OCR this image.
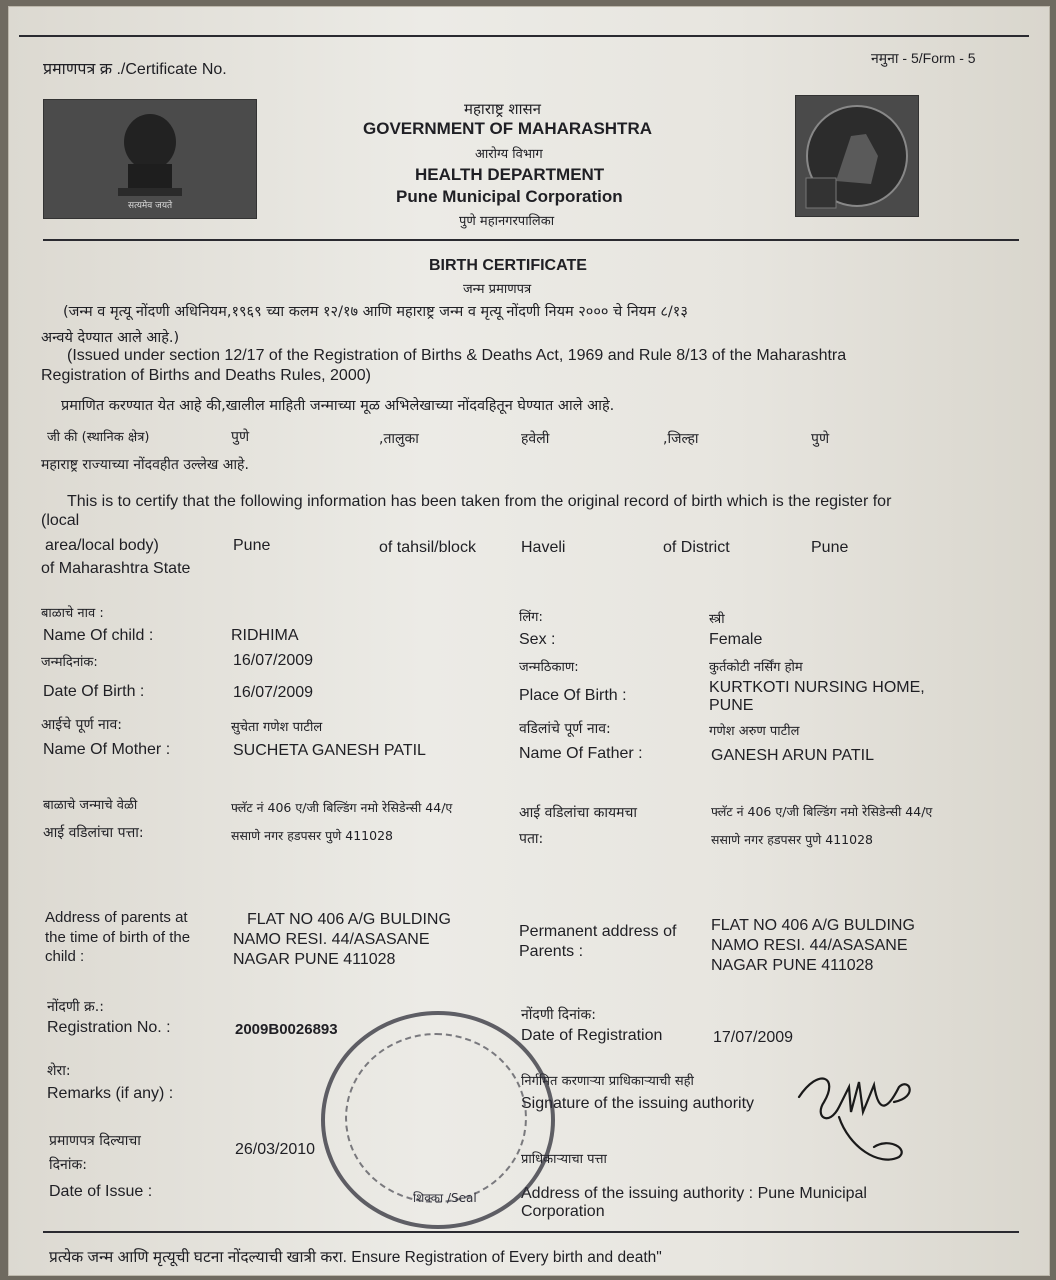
प्रमाणपत्र क्र ./Certificate No.
नमुना - 5/Form - 5
सत्यमेव जयते
महाराष्ट्र शासन
GOVERNMENT OF MAHARASHTRA
आरोग्य विभाग
HEALTH DEPARTMENT
Pune Municipal Corporation
पुणे महानगरपालिका
BIRTH CERTIFICATE
जन्म प्रमाणपत्र
(जन्म व मृत्यू नोंदणी अधिनियम,१९६९ च्या कलम १२/१७ आणि महाराष्ट्र जन्म व मृत्यू नोंदणी नियम २००० चे नियम ८/१३
अन्वये देण्यात आले आहे.)
(Issued under section 12/17 of the Registration of Births & Deaths Act, 1969 and Rule 8/13 of the Maharashtra
Registration of Births and Deaths Rules, 2000)
प्रमाणित करण्यात येत आहे की,खालील माहिती जन्माच्या मूळ अभिलेखाच्या नोंदवहितून घेण्यात आले आहे.
जी की (स्थानिक क्षेत्र)	पुणे	,तालुका	हवेली	,जिल्हा	पुणे
महाराष्ट्र राज्याच्या नोंदवहीत उल्लेख आहे.
This is to certify that the following information has been taken from the original record of birth which is the register for
(local
area/local body)	Pune	of tahsil/block	Haveli	of District	Pune
of Maharashtra State
बाळाचे नाव :
Name Of child :	RIDHIMA
लिंग:
Sex :
स्त्री
Female
जन्मदिनांक:	16/07/2009	जन्मठिकाण:	कुर्तकोटी नर्सिंग होम
Date Of Birth :	16/07/2009	Place Of Birth :	KURTKOTI NURSING HOME,
PUNE
आईचे पूर्ण नाव:	सुचेता गणेश पाटील	वडिलांचे पूर्ण नाव:	गणेश अरुण पाटील
Name Of Mother :	SUCHETA GANESH PATIL	Name Of Father :	GANESH ARUN PATIL
बाळाचे जन्माचे वेळी
आई वडिलांचा पत्ता:
फ्लॅट नं 406 ए/जी बिल्डिंग नमो रेसिडेन्सी 44/ए
ससाणे नगर हडपसर पुणे 411028
आई वडिलांचा कायमचा
पता:
फ्लॅट नं 406 ए/जी बिल्डिंग नमो रेसिडेन्सी 44/ए
ससाणे नगर हडपसर पुणे 411028
Address of parents at
the time of birth of the
child :
FLAT NO 406 A/G BULDING
NAMO RESI. 44/ASASANE
NAGAR PUNE 411028
Permanent address of
Parents :
FLAT NO 406 A/G BULDING
NAMO RESI. 44/ASASANE
NAGAR PUNE 411028
नोंदणी क्र.:
Registration No. :	2009B0026893
नोंदणी दिनांक:
Date of Registration	17/07/2009
शेरा:
Remarks (if any) :
निर्गमित करणाऱ्या प्राधिकाऱ्याची सही
Signature of the issuing authority
प्रमाणपत्र दिल्याचा
दिनांक:
Date of Issue :
26/03/2010
प्राधिकाऱ्याचा पत्ता
Address of the issuing authority : Pune Municipal
Corporation
शिक्का /Seal
प्रत्येक जन्म आणि मृत्यूची घटना नोंदल्याची खात्री करा. Ensure Registration of Every birth and death"
